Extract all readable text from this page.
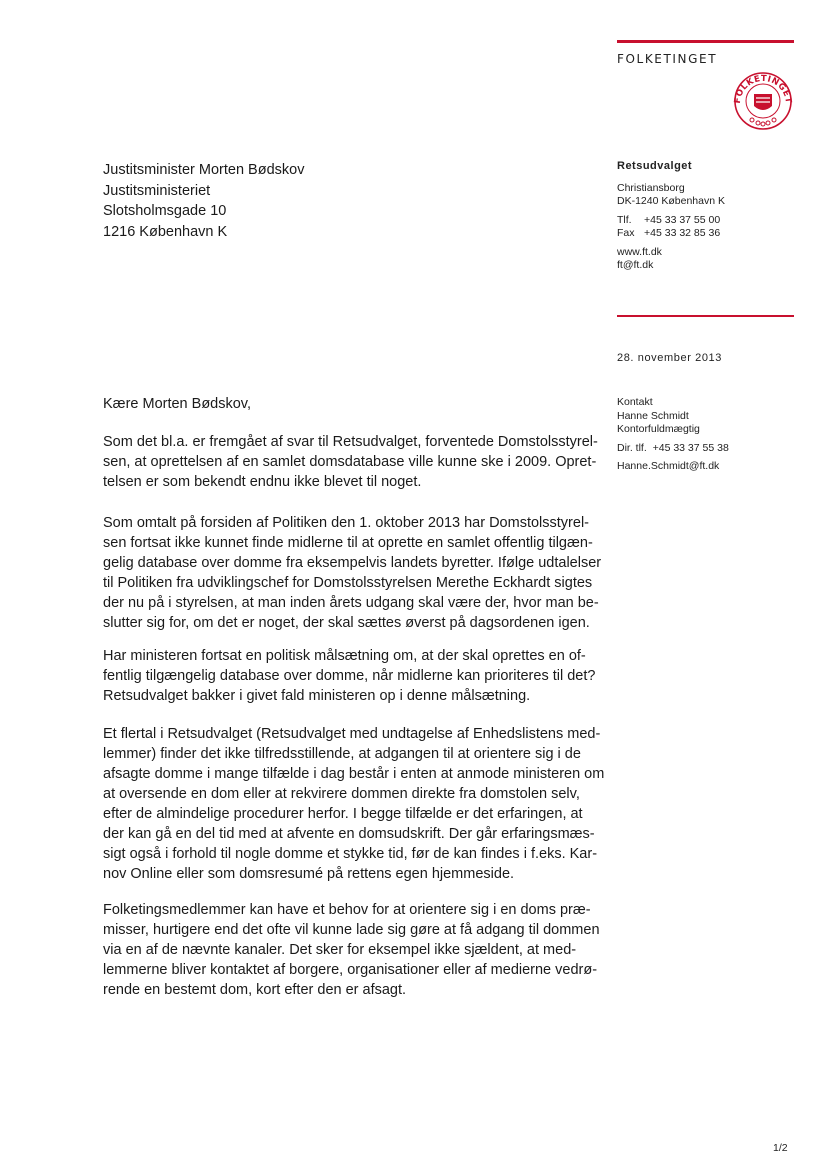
FOLKETINGET
FOLKETINGET
Justitsminister Morten Bødskov
Justitsministeriet
Slotsholmsgade 10
1216 København K
Retsudvalget
Christiansborg
DK-1240 København K
Tlf. +45 33 37 55 00
Fax +45 33 32 85 36
www.ft.dk
ft@ft.dk
28. november 2013
Kontakt
Hanne Schmidt
Kontorfuldmægtig
Dir. tlf. +45 33 37 55 38
Hanne.Schmidt@ft.dk
Kære Morten Bødskov,
Som det bl.a. er fremgået af svar til Retsudvalget, forventede Domstolsstyrel-
sen, at oprettelsen af en samlet domsdatabase ville kunne ske i 2009. Opret-
telsen er som bekendt endnu ikke blevet til noget.
Som omtalt på forsiden af Politiken den 1. oktober 2013 har Domstolsstyrel-
sen fortsat ikke kunnet finde midlerne til at oprette en samlet offentlig tilgæn-
gelig database over domme fra eksempelvis landets byretter. Ifølge udtalelser
til Politiken fra udviklingschef for Domstolsstyrelsen Merethe Eckhardt sigtes
der nu på i styrelsen, at man inden årets udgang skal være der, hvor man be-
slutter sig for, om det er noget, der skal sættes øverst på dagsordenen igen.
Har ministeren fortsat en politisk målsætning om, at der skal oprettes en of-
fentlig tilgængelig database over domme, når midlerne kan prioriteres til det?
Retsudvalget bakker i givet fald ministeren op i denne målsætning.
Et flertal i Retsudvalget (Retsudvalget med undtagelse af Enhedslistens med-
lemmer) finder det ikke tilfredsstillende, at adgangen til at orientere sig i de
afsagte domme i mange tilfælde i dag består i enten at anmode ministeren om
at oversende en dom eller at rekvirere dommen direkte fra domstolen selv,
efter de almindelige procedurer herfor. I begge tilfælde er det erfaringen, at
der kan gå en del tid med at afvente en domsudskrift. Der går erfaringsmæs-
sigt også i forhold til nogle domme et stykke tid, før de kan findes i f.eks. Kar-
nov Online eller som domsresumé på rettens egen hjemmeside.
Folketingsmedlemmer kan have et behov for at orientere sig i en doms præ-
misser, hurtigere end det ofte vil kunne lade sig gøre at få adgang til dommen
via en af de nævnte kanaler. Det sker for eksempel ikke sjældent, at med-
lemmerne bliver kontaktet af borgere, organisationer eller af medierne vedrø-
rende en bestemt dom, kort efter den er afsagt.
1/2
